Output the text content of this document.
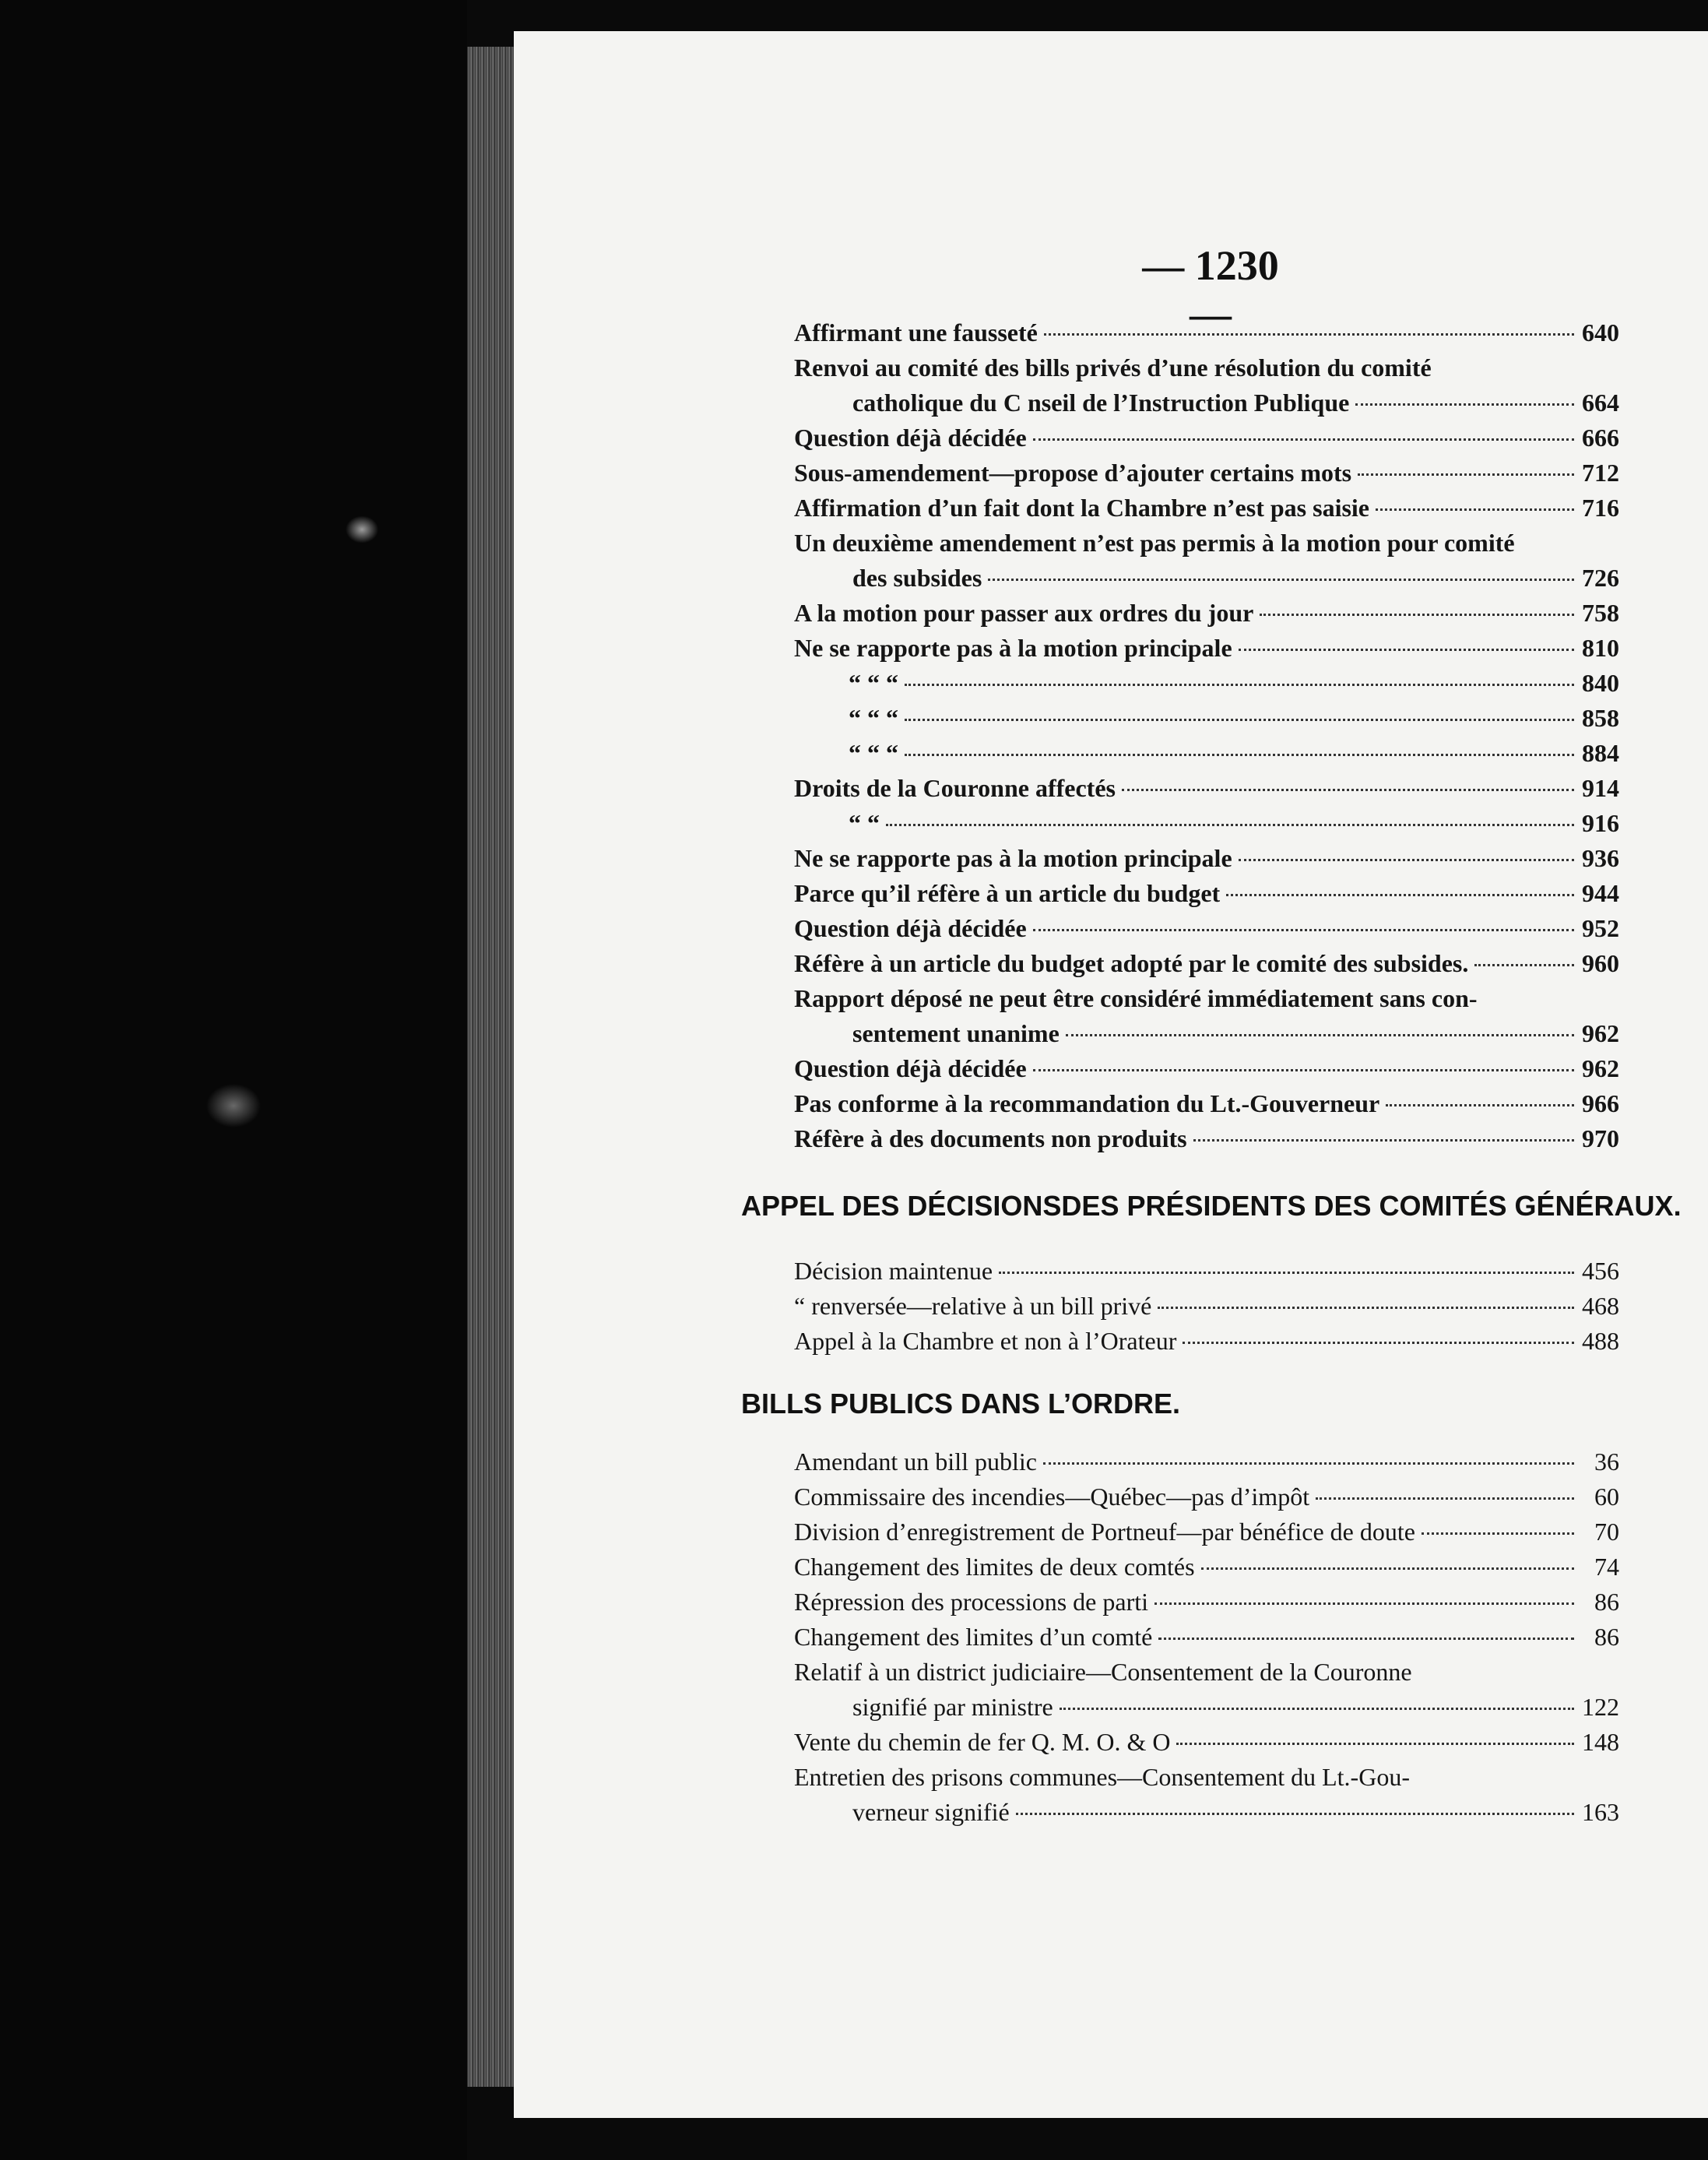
— 1230 —
Affirmant une fausseté	640
Renvoi au comité des bills privés d’une résolution du comité
catholique du C nseil de l’Instruction Publique	664
Question déjà décidée	666
Sous-amendement—propose d’ajouter certains mots	712
Affirmation d’un fait dont la Chambre n’est pas saisie	716
Un deuxième amendement n’est pas permis à la motion pour comité
des subsides	726
A la motion pour passer aux ordres du jour	758
Ne se rapporte pas à la motion principale	810
“ “ “	840
“ “ “	858
“ “ “	884
Droits de la Couronne affectés	914
“ “	916
Ne se rapporte pas à la motion principale	936
Parce qu’il réfère à un article du budget	944
Question déjà décidée	952
Réfère à un article du budget adopté par le comité des subsides.	960
Rapport déposé ne peut être considéré immédiatement sans con-
sentement unanime	962
Question déjà décidée	962
Pas conforme à la recommandation du Lt.-Gouverneur	966
Réfère à des documents non produits	970
APPEL DES DÉCISIONSDES PRÉSIDENTS DES COMITÉS GÉNÉRAUX.
Décision maintenue	456
“ renversée—relative à un bill privé	468
Appel à la Chambre et non à l’Orateur	488
BILLS PUBLICS DANS L’ORDRE.
Amendant un bill public	36
Commissaire des incendies—Québec—pas d’impôt	60
Division d’enregistrement de Portneuf—par bénéfice de doute	70
Changement des limites de deux comtés	74
Répression des processions de parti	86
Changement des limites d’un comté	86
Relatif à un district judiciaire—Consentement de la Couronne
signifié par ministre	122
Vente du chemin de fer Q. M. O. & O	148
Entretien des prisons communes—Consentement du Lt.-Gou-
verneur signifié	163
